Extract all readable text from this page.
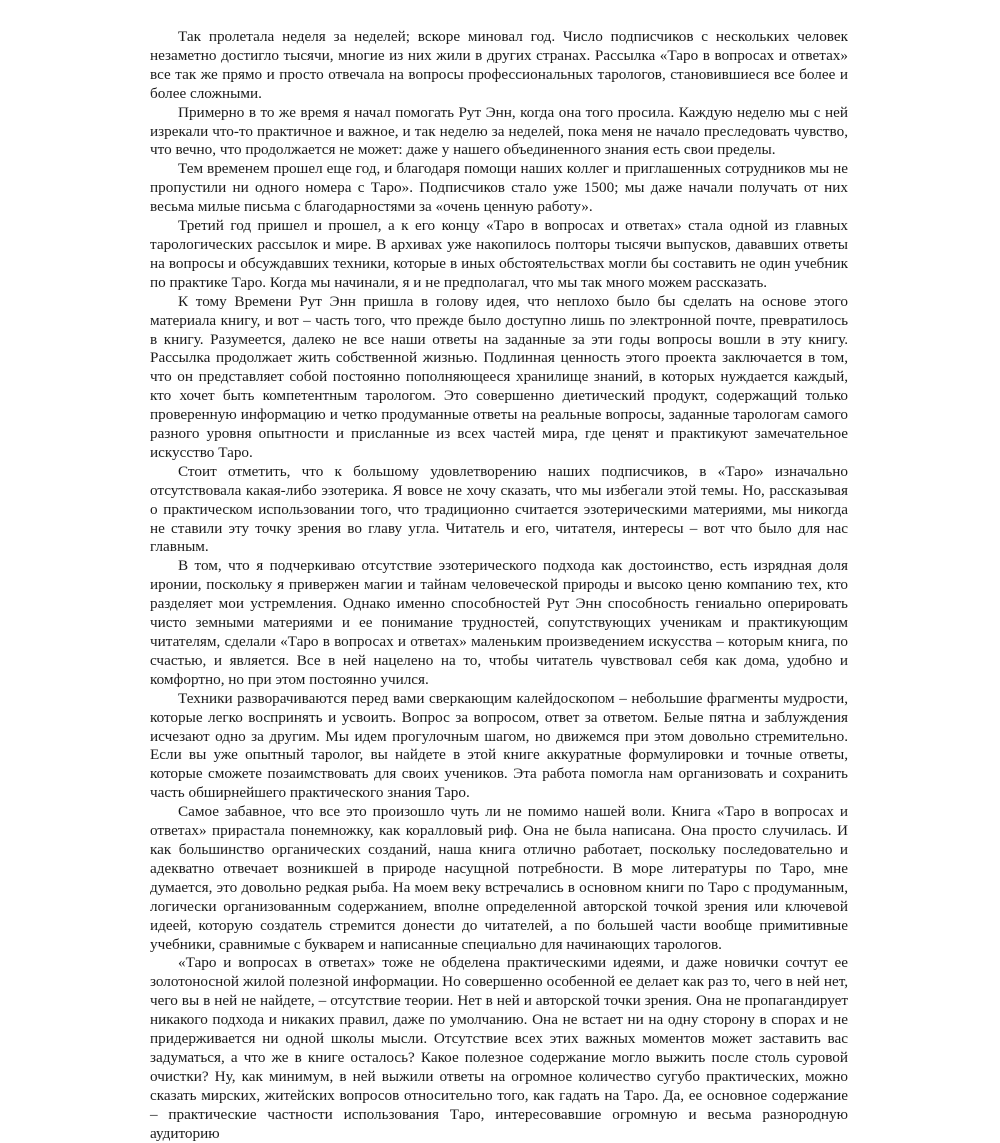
Так пролетала неделя за неделей; вскоре миновал год. Число подписчиков с нескольких человек незаметно достигло тысячи, многие из них жили в других странах. Рассылка «Таро в вопросах и ответах» все так же прямо и просто отвечала на вопросы профессиональных тарологов, становившиеся все более и более сложными.

Примерно в то же время я начал помогать Рут Энн, когда она того просила. Каждую неделю мы с ней изрекали что-то практичное и важное, и так неделю за неделей, пока меня не начало преследовать чувство, что вечно, что продолжается не может: даже у нашего объединенного знания есть свои пределы.

Тем временем прошел еще год, и благодаря помощи наших коллег и приглашенных сотрудников мы не пропустили ни одного номера с Таро». Подписчиков стало уже 1500; мы даже начали получать от них весьма милые письма с благодарностями за «очень ценную работу».

Третий год пришел и прошел, а к его концу «Таро в вопросах и ответах» стала одной из главных тарологических рассылок и мире. В архивах уже накопилось полторы тысячи выпусков, дававших ответы на вопросы и обсуждавших техники, которые в иных обстоятельствах могли бы составить не один учебник по практике Таро. Когда мы начинали, я и не предполагал, что мы так много можем рассказать.

К тому Времени Рут Энн пришла в голову идея, что неплохо было бы сделать на основе этого материала книгу, и вот – часть того, что прежде было доступно лишь по электронной почте, превратилось в книгу. Разумеется, далеко не все наши ответы на заданные за эти годы вопросы вошли в эту книгу. Рассылка продолжает жить собственной жизнью. Подлинная ценность этого проекта заключается в том, что он представляет собой постоянно пополняющееся хранилище знаний, в которых нуждается каждый, кто хочет быть компетентным тарологом. Это совершенно диетический продукт, содержащий только проверенную информацию и четко продуманные ответы на реальные вопросы, заданные тарологам самого разного уровня опытности и присланные из всех частей мира, где ценят и практикуют замечательное искусство Таро.

Стоит отметить, что к большому удовлетворению наших подписчиков, в «Таро» изначально отсутствовала какая-либо эзотерика. Я вовсе не хочу сказать, что мы избегали этой темы. Но, рассказывая о практическом использовании того, что традиционно считается эзотерическими материями, мы никогда не ставили эту точку зрения во главу угла. Читатель и его, читателя, интересы – вот что было для нас главным.

В том, что я подчеркиваю отсутствие эзотерического подхода как достоинство, есть изрядная доля иронии, поскольку я привержен магии и тайнам человеческой природы и высоко ценю компанию тех, кто разделяет мои устремления. Однако именно способностей Рут Энн способность гениально оперировать чисто земными материями и ее понимание трудностей, сопутствующих ученикам и практикующим читателям, сделали «Таро в вопросах и ответах» маленьким произведением искусства – которым книга, по счастью, и является. Все в ней нацелено на то, чтобы читатель чувствовал себя как дома, удобно и комфортно, но при этом постоянно учился.

Техники разворачиваются перед вами сверкающим калейдоскопом – небольшие фрагменты мудрости, которые легко воспринять и усвоить. Вопрос за вопросом, ответ за ответом. Белые пятна и заблуждения исчезают одно за другим. Мы идем прогулочным шагом, но движемся при этом довольно стремительно. Если вы уже опытный таролог, вы найдете в этой книге аккуратные формулировки и точные ответы, которые сможете позаимствовать для своих учеников. Эта работа помогла нам организовать и сохранить часть обширнейшего практического знания Таро.

Самое забавное, что все это произошло чуть ли не помимо нашей воли. Книга «Таро в вопросах и ответах» прирастала понемножку, как коралловый риф. Она не была написана. Она просто случилась. И как большинство органических созданий, наша книга отлично работает, поскольку последовательно и адекватно отвечает возникшей в природе насущной потребности. В море литературы по Таро, мне думается, это довольно редкая рыба. На моем веку встречались в основном книги по Таро с продуманным, логически организованным содержанием, вполне определенной авторской точкой зрения или ключевой идеей, которую создатель стремится донести до читателей, а по большей части вообще примитивные учебники, сравнимые с букварем и написанные специально для начинающих тарологов.

«Таро и вопросах в ответах» тоже не обделена практическими идеями, и даже новички сочтут ее золотоносной жилой полезной информации. Но совершенно особенной ее делает как раз то, чего в ней нет, чего вы в ней не найдете, – отсутствие теории. Нет в ней и авторской точки зрения. Она не пропагандирует никакого подхода и никаких правил, даже по умолчанию. Она не встает ни на одну сторону в спорах и не придерживается ни одной школы мысли. Отсутствие всех этих важных моментов может заставить вас задуматься, а что же в книге осталось? Какое полезное содержание могло выжить после столь суровой очистки? Ну, как минимум, в ней выжили ответы на огромное количество сугубо практических, можно сказать мирских, житейских вопросов относительно того, как гадать на Таро. Да, ее основное содержание – практические частности использования Таро, интересовавшие огромную и весьма разнородную аудиторию
